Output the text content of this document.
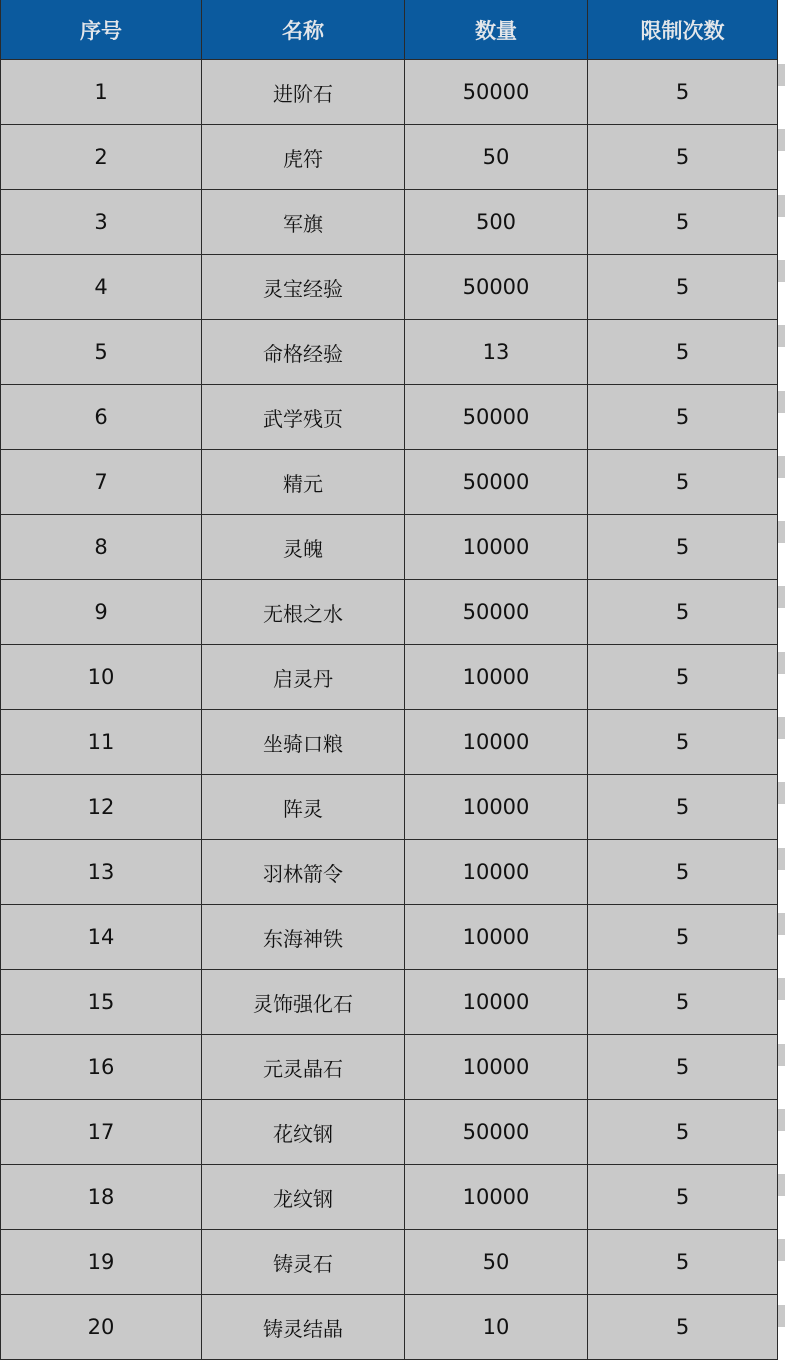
序号	名称	数量	限制次数
1	进阶石	50000	5
2	虎符	50	5
3	军旗	500	5
4	灵宝经验	50000	5
5	命格经验	13	5
6	武学残页	50000	5
7	精元	50000	5
8	灵魄	10000	5
9	无根之水	50000	5
10	启灵丹	10000	5
11	坐骑口粮	10000	5
12	阵灵	10000	5
13	羽林箭令	10000	5
14	东海神铁	10000	5
15	灵饰强化石	10000	5
16	元灵晶石	10000	5
17	花纹钢	50000	5
18	龙纹钢	10000	5
19	铸灵石	50	5
20	铸灵结晶	10	5
